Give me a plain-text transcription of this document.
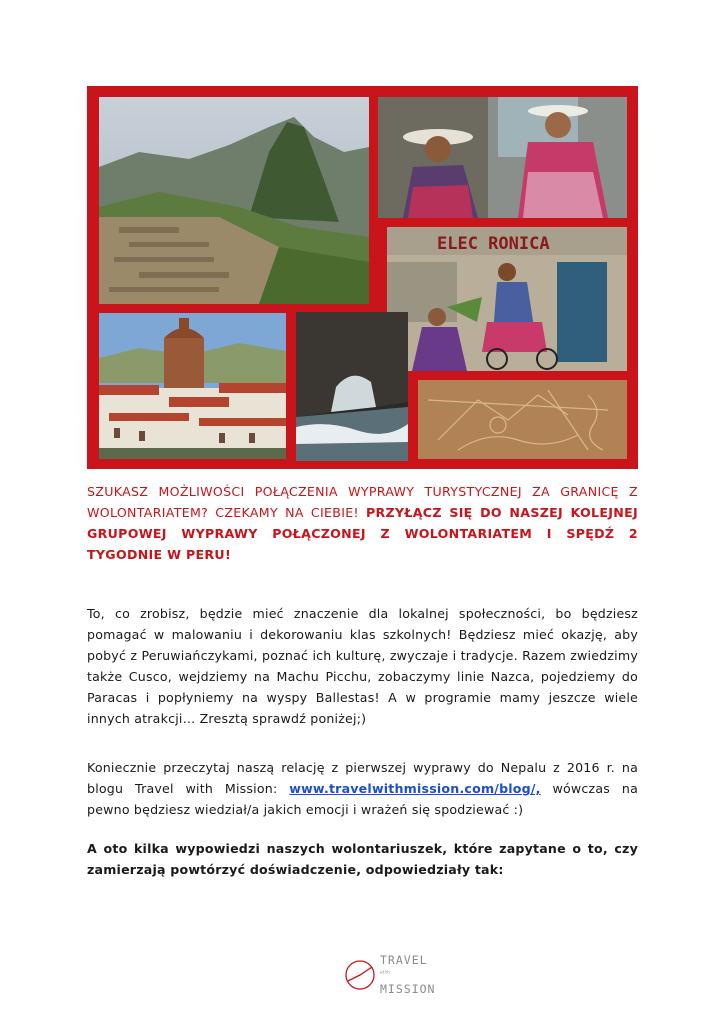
ELEC RONICA
SZUKASZ MOŻLIWOŚCI POŁĄCZENIA WYPRAWY TURYSTYCZNEJ ZA GRANICĘ Z WOLONTARIATEM? CZEKAMY NA CIEBIE! PRZYŁĄCZ SIĘ DO NASZEJ KOLEJNEJ GRUPOWEJ WYPRAWY POŁĄCZONEJ Z WOLONTARIATEM I SPĘDŹ 2 TYGODNIE W PERU!
To, co zrobisz, będzie mieć znaczenie dla lokalnej społeczności, bo będziesz pomagać w malowaniu i dekorowaniu klas szkolnych! Będziesz mieć okazję, aby pobyć z Peruwiańczykami, poznać ich kulturę, zwyczaje i tradycje. Razem zwiedzimy także Cusco, wejdziemy na Machu Picchu, zobaczymy linie Nazca, pojedziemy do Paracas i popłyniemy na wyspy Ballestas! A w programie mamy jeszcze wiele innych atrakcji… Zresztą sprawdź poniżej;)
Koniecznie przeczytaj naszą relację z pierwszej wyprawy do Nepalu z 2016 r. na blogu Travel with Mission: www.travelwithmission.com/blog/, wówczas na pewno będziesz wiedział/a jakich emocji i wrażeń się spodziewać :)
A oto kilka wypowiedzi naszych wolontariuszek, które zapytane o to, czy zamierzają powtórzyć doświadczenie, odpowiedziały tak:
TRAVEL with
MISSION
